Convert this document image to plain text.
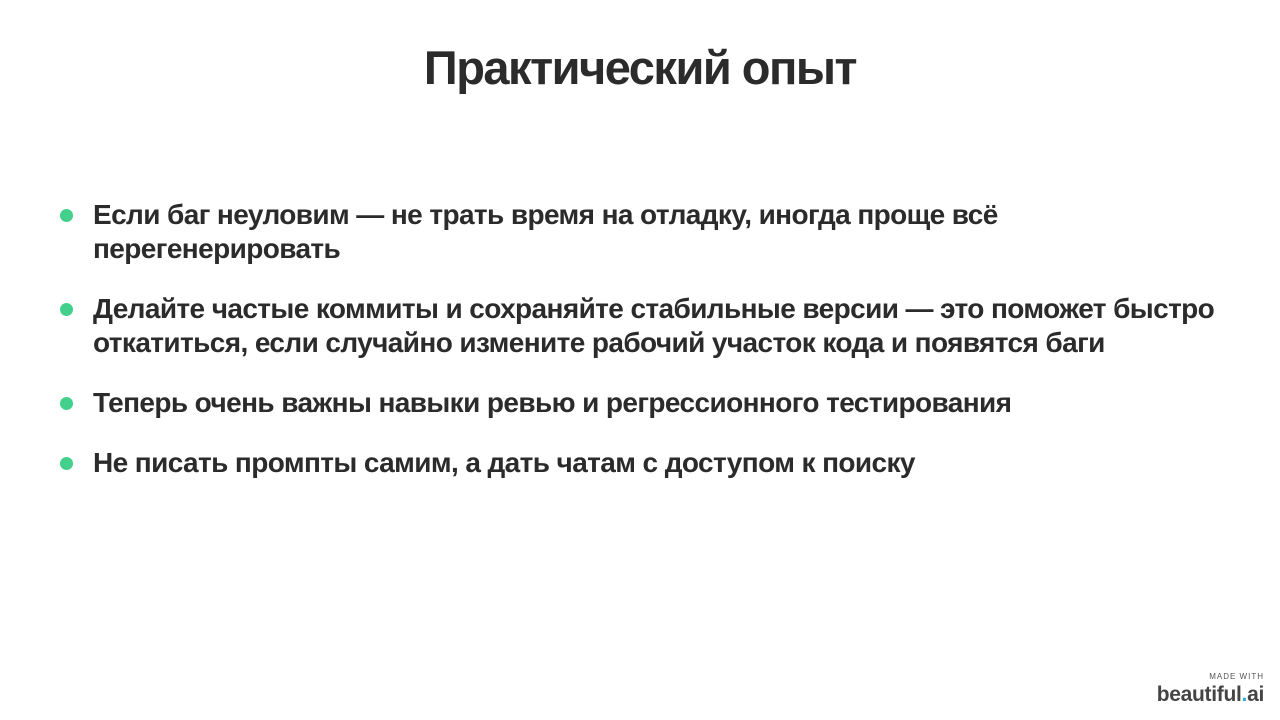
Практический опыт
Если баг неуловим — не трать время на отладку, иногда проще всё перегенерировать
Делайте частые коммиты и сохраняйте стабильные версии — это поможет быстро откатиться, если случайно измените рабочий участок кода и появятся баги
Теперь очень важны навыки ревью и регрессионного тестирования
Не писать промпты самим, а дать чатам с доступом к поиску
MADE WITH
beautiful.ai
